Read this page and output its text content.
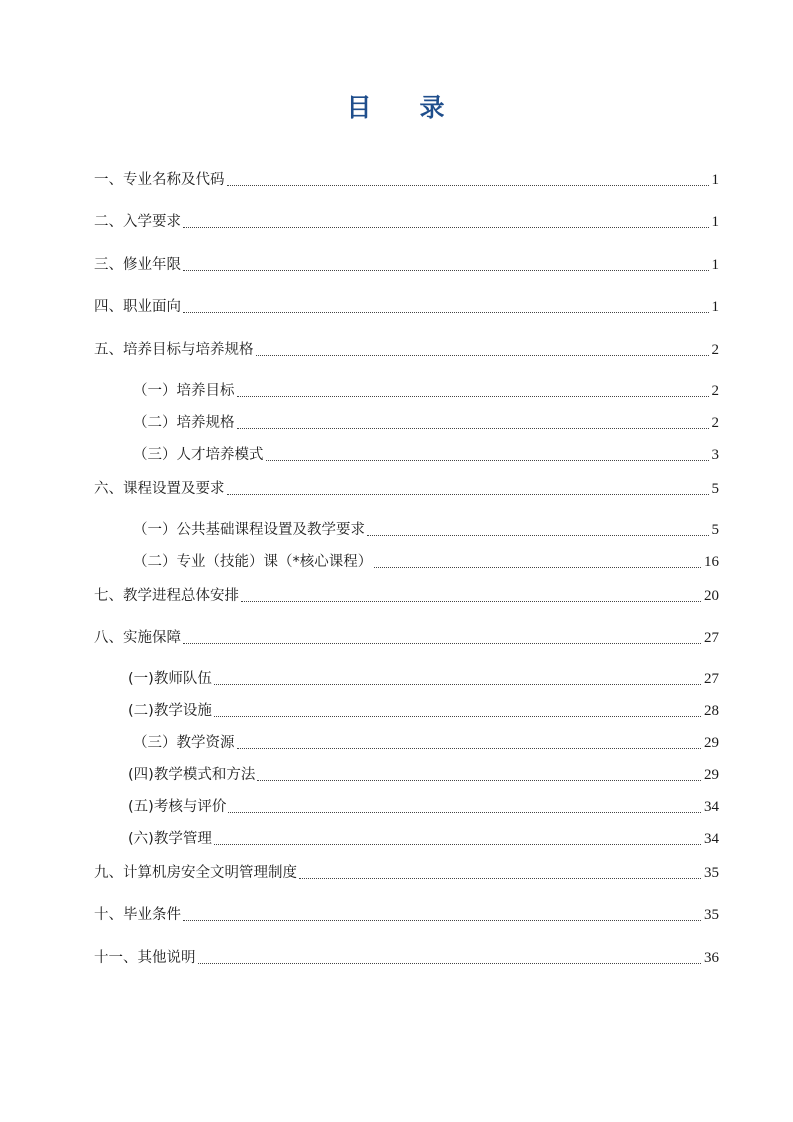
目 录
一、专业名称及代码	1
二、入学要求	1
三、修业年限	1
四、职业面向	1
五、培养目标与培养规格	2
（一）培养目标	2
（二）培养规格	2
（三）人才培养模式	3
六、课程设置及要求	5
（一）公共基础课程设置及教学要求	5
（二）专业（技能）课（*核心课程）	16
七、教学进程总体安排	20
八、实施保障	27
(一)教师队伍	27
(二)教学设施	28
（三）教学资源	29
(四)教学模式和方法	29
(五)考核与评价	34
(六)教学管理	34
九、计算机房安全文明管理制度	35
十、毕业条件	35
十一、其他说明	36
